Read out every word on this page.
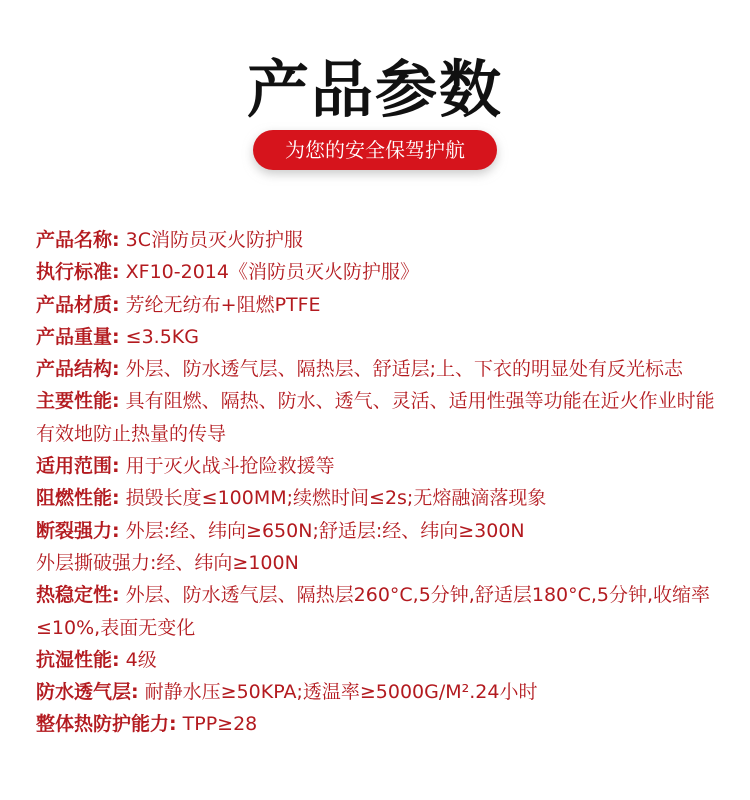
产品参数
为您的安全保驾护航
产品名称: 3C消防员灭火防护服
执行标准: XF10-2014《消防员灭火防护服》
产品材质: 芳纶无纺布+阻燃PTFE
产品重量: ≤3.5KG
产品结构: 外层、防水透气层、隔热层、舒适层;上、下衣的明显处有反光标志
主要性能: 具有阻燃、隔热、防水、透气、灵活、适用性强等功能在近火作业时能有效地防止热量的传导
适用范围: 用于灭火战斗抢险救援等
阻燃性能: 损毁长度≤100MM;续燃时间≤2s;无熔融滴落现象
断裂强力: 外层:经、纬向≥650N;舒适层:经、纬向≥300N
外层撕破强力:经、纬向≥100N
热稳定性: 外层、防水透气层、隔热层260°C,5分钟,舒适层180°C,5分钟,收缩率≤10%,表面无变化
抗湿性能: 4级
防水透气层: 耐静水压≥50KPA;透温率≥5000G/M².24小时
整体热防护能力: TPP≥28
